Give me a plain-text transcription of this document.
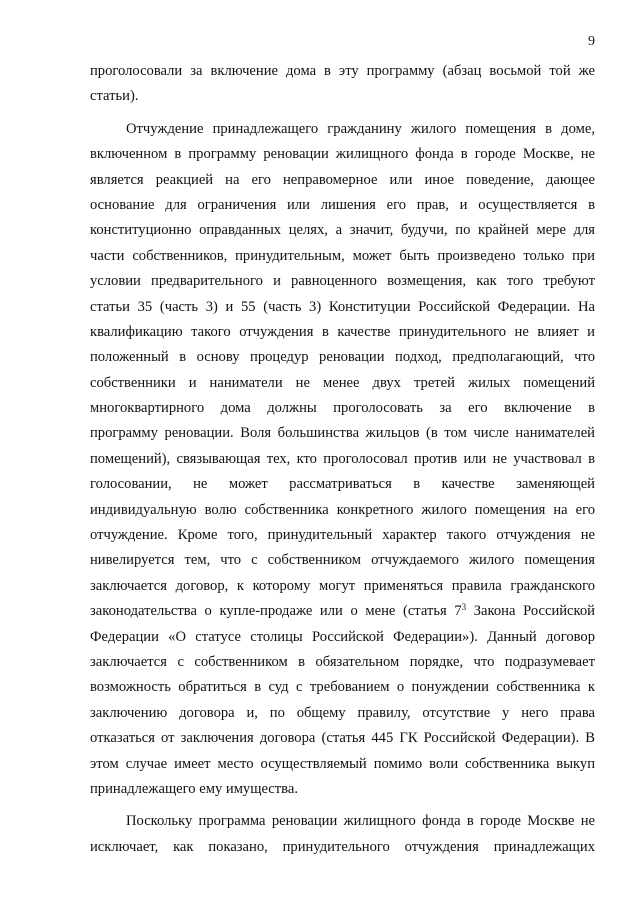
9
проголосовали за включение дома в эту программу (абзац восьмой той же
статьи).
Отчуждение принадлежащего гражданину жилого помещения в доме,
включенном в программу реновации жилищного фонда в городе Москве, не
является реакцией на его неправомерное или иное поведение, дающее
основание для ограничения или лишения его прав, и осуществляется в
конституционно оправданных целях, а значит, будучи, по крайней мере для
части собственников, принудительным, может быть произведено только при
условии предварительного и равноценного возмещения, как того требуют
статьи 35 (часть 3) и 55 (часть 3) Конституции Российской Федерации. На
квалификацию такого отчуждения в качестве принудительного не влияет и
положенный в основу процедур реновации подход, предполагающий, что
собственники и наниматели не менее двух третей жилых помещений
многоквартирного дома должны проголосовать за его включение в
программу реновации. Воля большинства жильцов (в том числе нанимателей
помещений), связывающая тех, кто проголосовал против или не участвовал в
голосовании, не может рассматриваться в качестве заменяющей
индивидуальную волю собственника конкретного жилого помещения на его
отчуждение. Кроме того, принудительный характер такого отчуждения не
нивелируется тем, что с собственником отчуждаемого жилого помещения
заключается договор, к которому могут применяться правила гражданского
законодательства о купле-продаже или о мене (статья $7^3$ Закона Российской
Федерации «О статусе столицы Российской Федерации»). Данный договор
заключается с собственником в обязательном порядке, что подразумевает
возможность обратиться в суд с требованием о понуждении собственника к
заключению договора и, по общему правилу, отсутствие у него права
отказаться от заключения договора (статья 445 ГК Российской Федерации). В
этом случае имеет место осуществляемый помимо воли собственника выкуп
принадлежащего ему имущества.
Поскольку программа реновации жилищного фонда в городе Москве не
исключает, как показано, принудительного отчуждения принадлежащих
